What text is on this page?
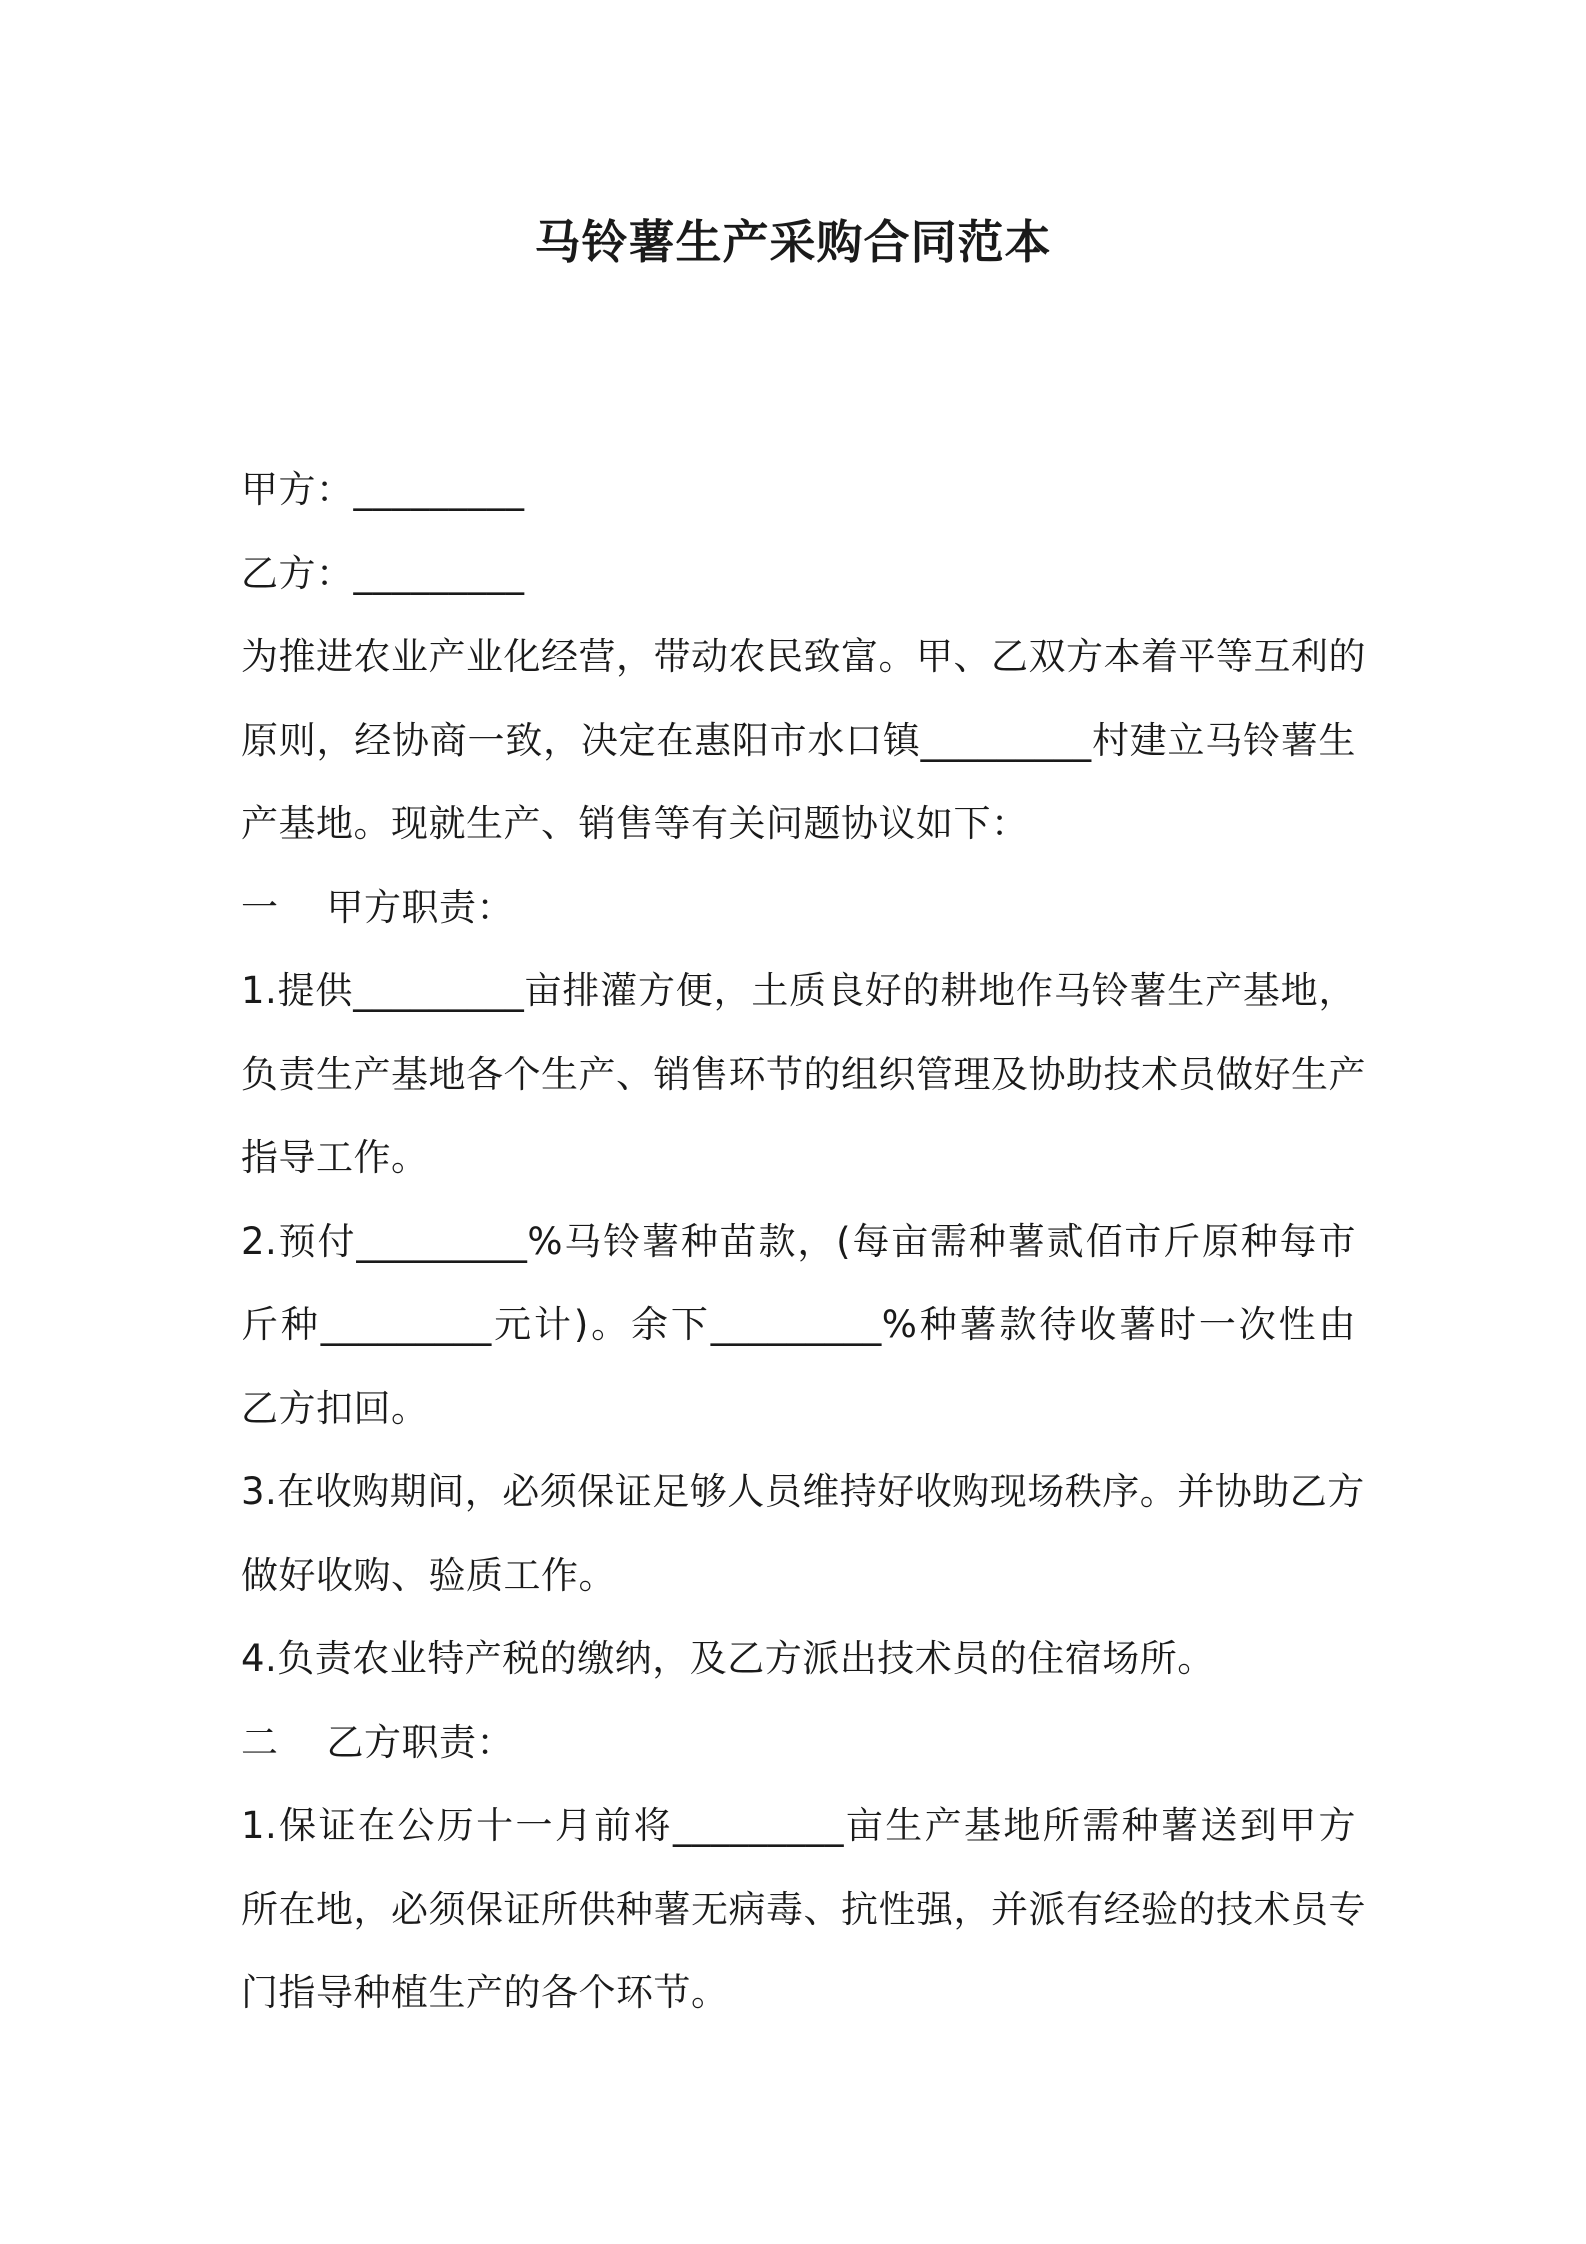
马铃薯生产采购合同范本

甲方：_________

乙方：_________

为推进农业产业化经营，带动农民致富。甲、乙双方本着平等互利的

原则，经协商一致，决定在惠阳市水口镇_________村建立马铃薯生

产基地。现就生产、销售等有关问题协议如下：

一 甲方职责：

1.提供_________亩排灌方便，土质良好的耕地作马铃薯生产基地，

负责生产基地各个生产、销售环节的组织管理及协助技术员做好生产

指导工作。

2.预付_________%马铃薯种苗款，(每亩需种薯贰佰市斤原种每市

斤种_________元计)。余下_________%种薯款待收薯时一次性由

乙方扣回。

3.在收购期间，必须保证足够人员维持好收购现场秩序。并协助乙方

做好收购、验质工作。

4.负责农业特产税的缴纳，及乙方派出技术员的住宿场所。

二 乙方职责：

1.保证在公历十一月前将_________亩生产基地所需种薯送到甲方

所在地，必须保证所供种薯无病毒、抗性强，并派有经验的技术员专

门指导种植生产的各个环节。
